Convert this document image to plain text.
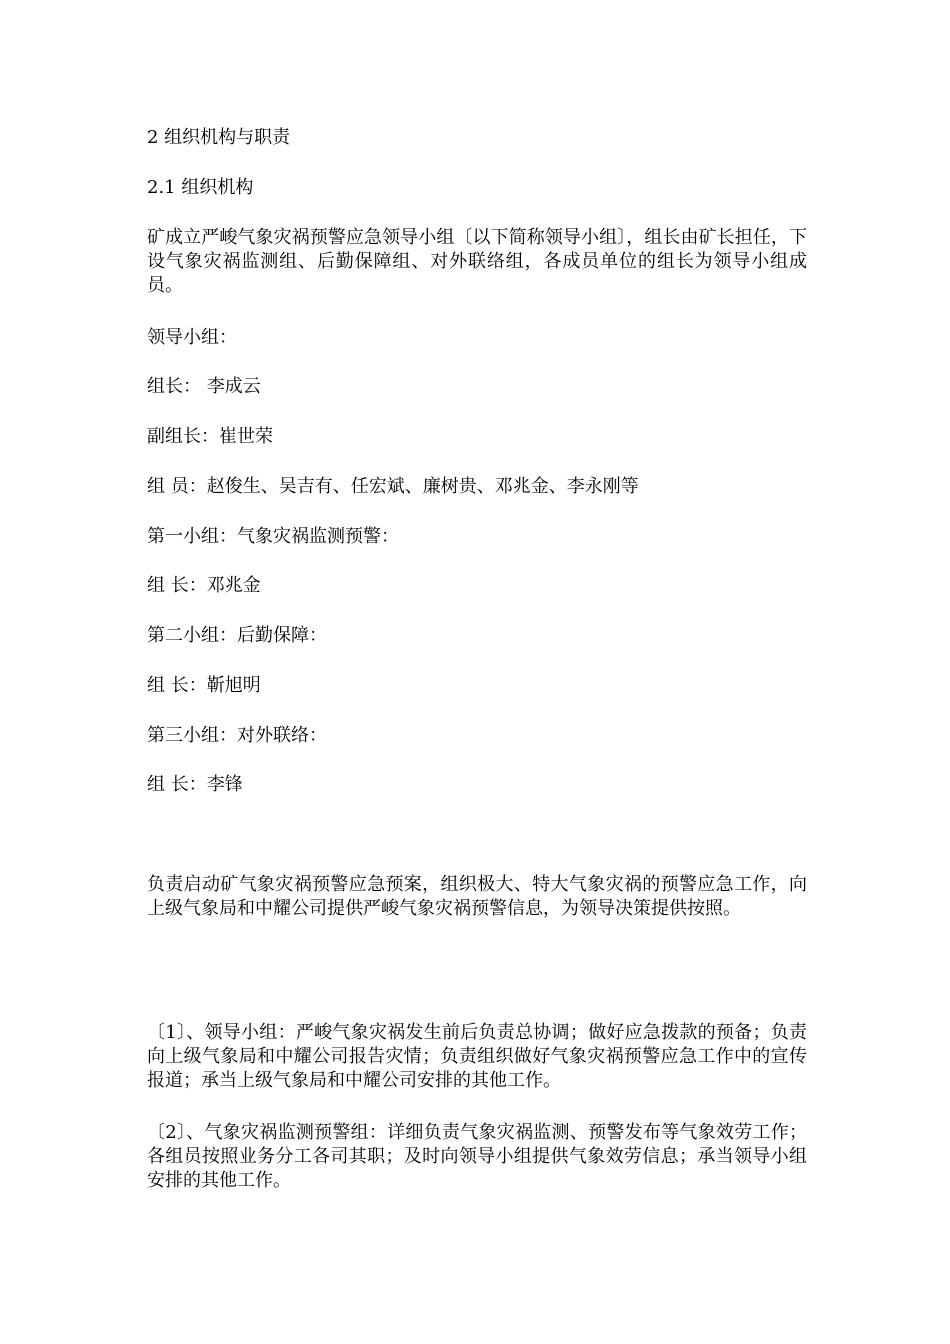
2 组织机构与职责

2.1 组织机构

矿成立严峻气象灾祸预警应急领导小组〔以下简称领导小组〕，组长由矿长担任，下设气象灾祸监测组、后勤保障组、对外联络组，各成员单位的组长为领导小组成员。

领导小组：

组长： 李成云

副组长：崔世荣

组 员：赵俊生、吴吉有、任宏斌、廉树贵、邓兆金、李永刚等

第一小组：气象灾祸监测预警：

组 长：邓兆金

第二小组：后勤保障：

组 长：靳旭明

第三小组：对外联络：

组 长：李锋

负责启动矿气象灾祸预警应急预案，组织极大、特大气象灾祸的预警应急工作，向上级气象局和中耀公司提供严峻气象灾祸预警信息，为领导决策提供按照。

〔1〕、领导小组：严峻气象灾祸发生前后负责总协调；做好应急拨款的预备；负责向上级气象局和中耀公司报告灾情；负责组织做好气象灾祸预警应急工作中的宣传报道；承当上级气象局和中耀公司安排的其他工作。

〔2〕、气象灾祸监测预警组：详细负责气象灾祸监测、预警发布等气象效劳工作；各组员按照业务分工各司其职；及时向领导小组提供气象效劳信息；承当领导小组安排的其他工作。
